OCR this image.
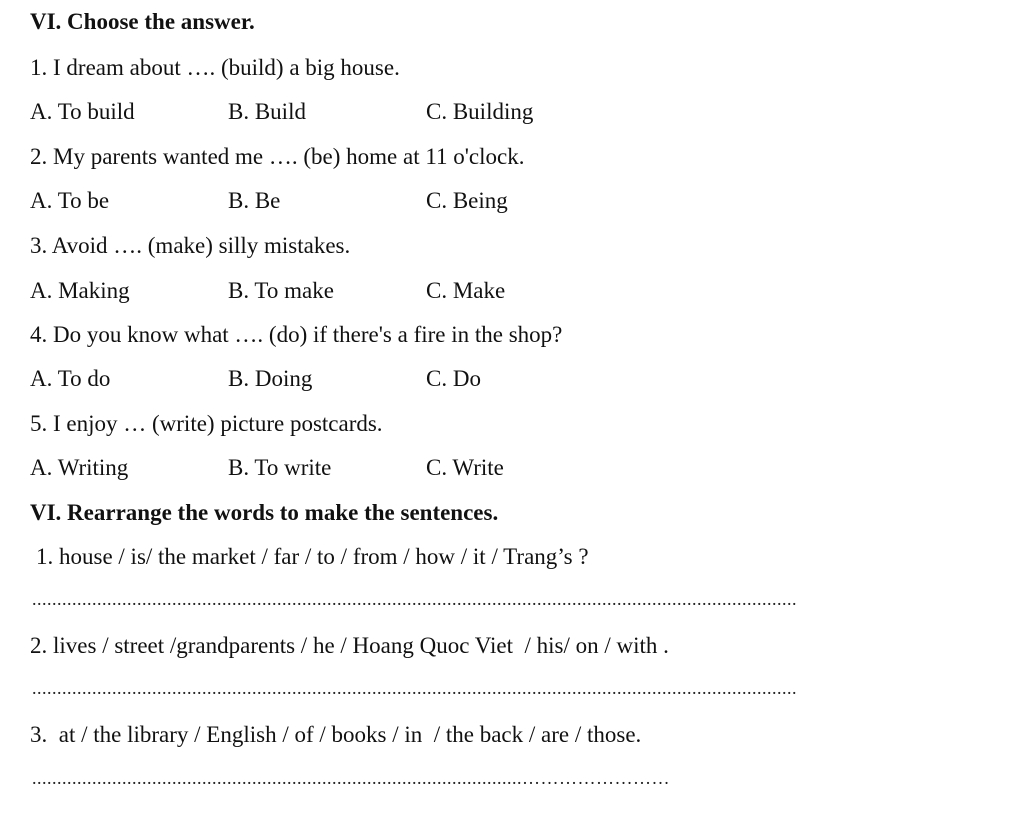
VI. Choose the answer.
1. I dream about …. (build) a big house.
A. To build	B. Build	C. Building
2. My parents wanted me …. (be) home at 11 o'clock.
A. To be	B. Be	C. Being
3. Avoid …. (make) silly mistakes.
A. Making	B. To make	C. Make
4. Do you know what …. (do) if there's a fire in the shop?
A. To do	B. Doing	C. Do
5. I enjoy … (write) picture postcards.
A. Writing	B. To write	C. Write
VI. Rearrange the words to make the sentences.
1. house / is/ the market / far / to / from / how / it / Trang’s ?
.........................................................................................................................................................
2. lives / street /grandparents / he / Hoang Quoc Viet  / his/ on / with .
.........................................................................................................................................................
3.  at / the library / English / of / books / in  / the back / are / those.
..................................................................................................……………………
